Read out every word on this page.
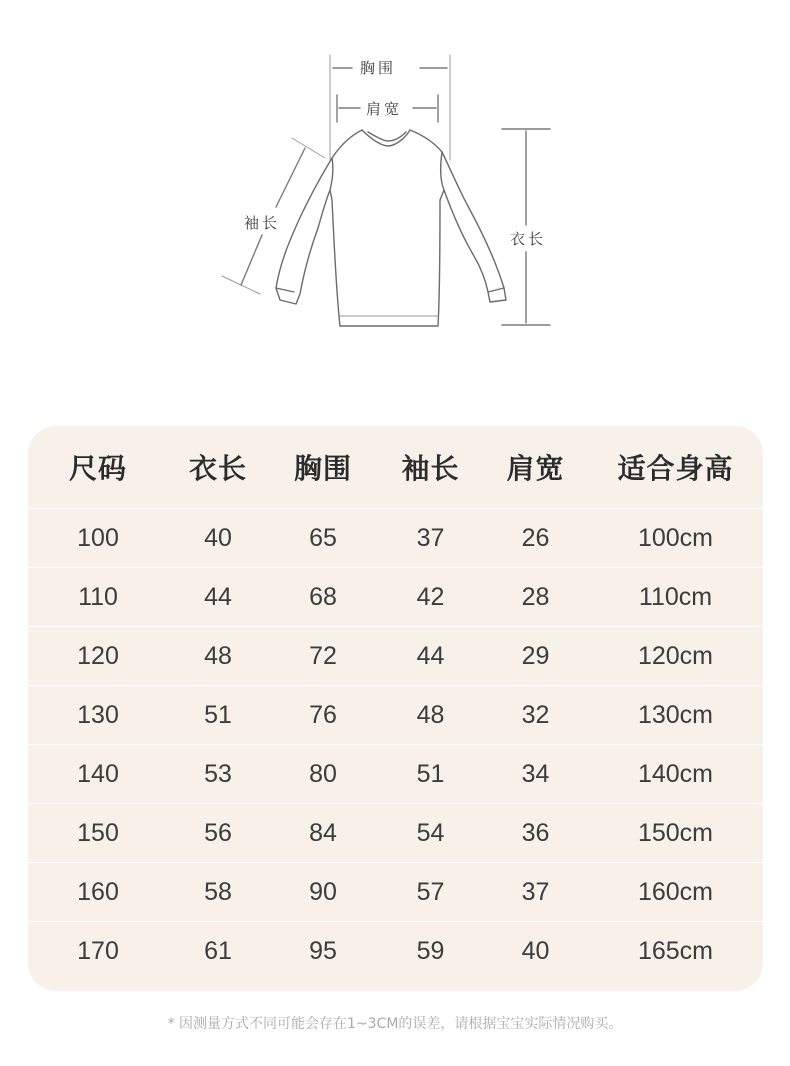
胸围
肩宽
袖长
衣长
尺码	衣长	胸围	袖长	肩宽	适合身高
100	40	65	37	26	100cm
110	44	68	42	28	110cm
120	48	72	44	29	120cm
130	51	76	48	32	130cm
140	53	80	51	34	140cm
150	56	84	54	36	150cm
160	58	90	57	37	160cm
170	61	95	59	40	165cm
* 因测量方式不同可能会存在1~3CM的误差，请根据宝宝实际情况购买。
